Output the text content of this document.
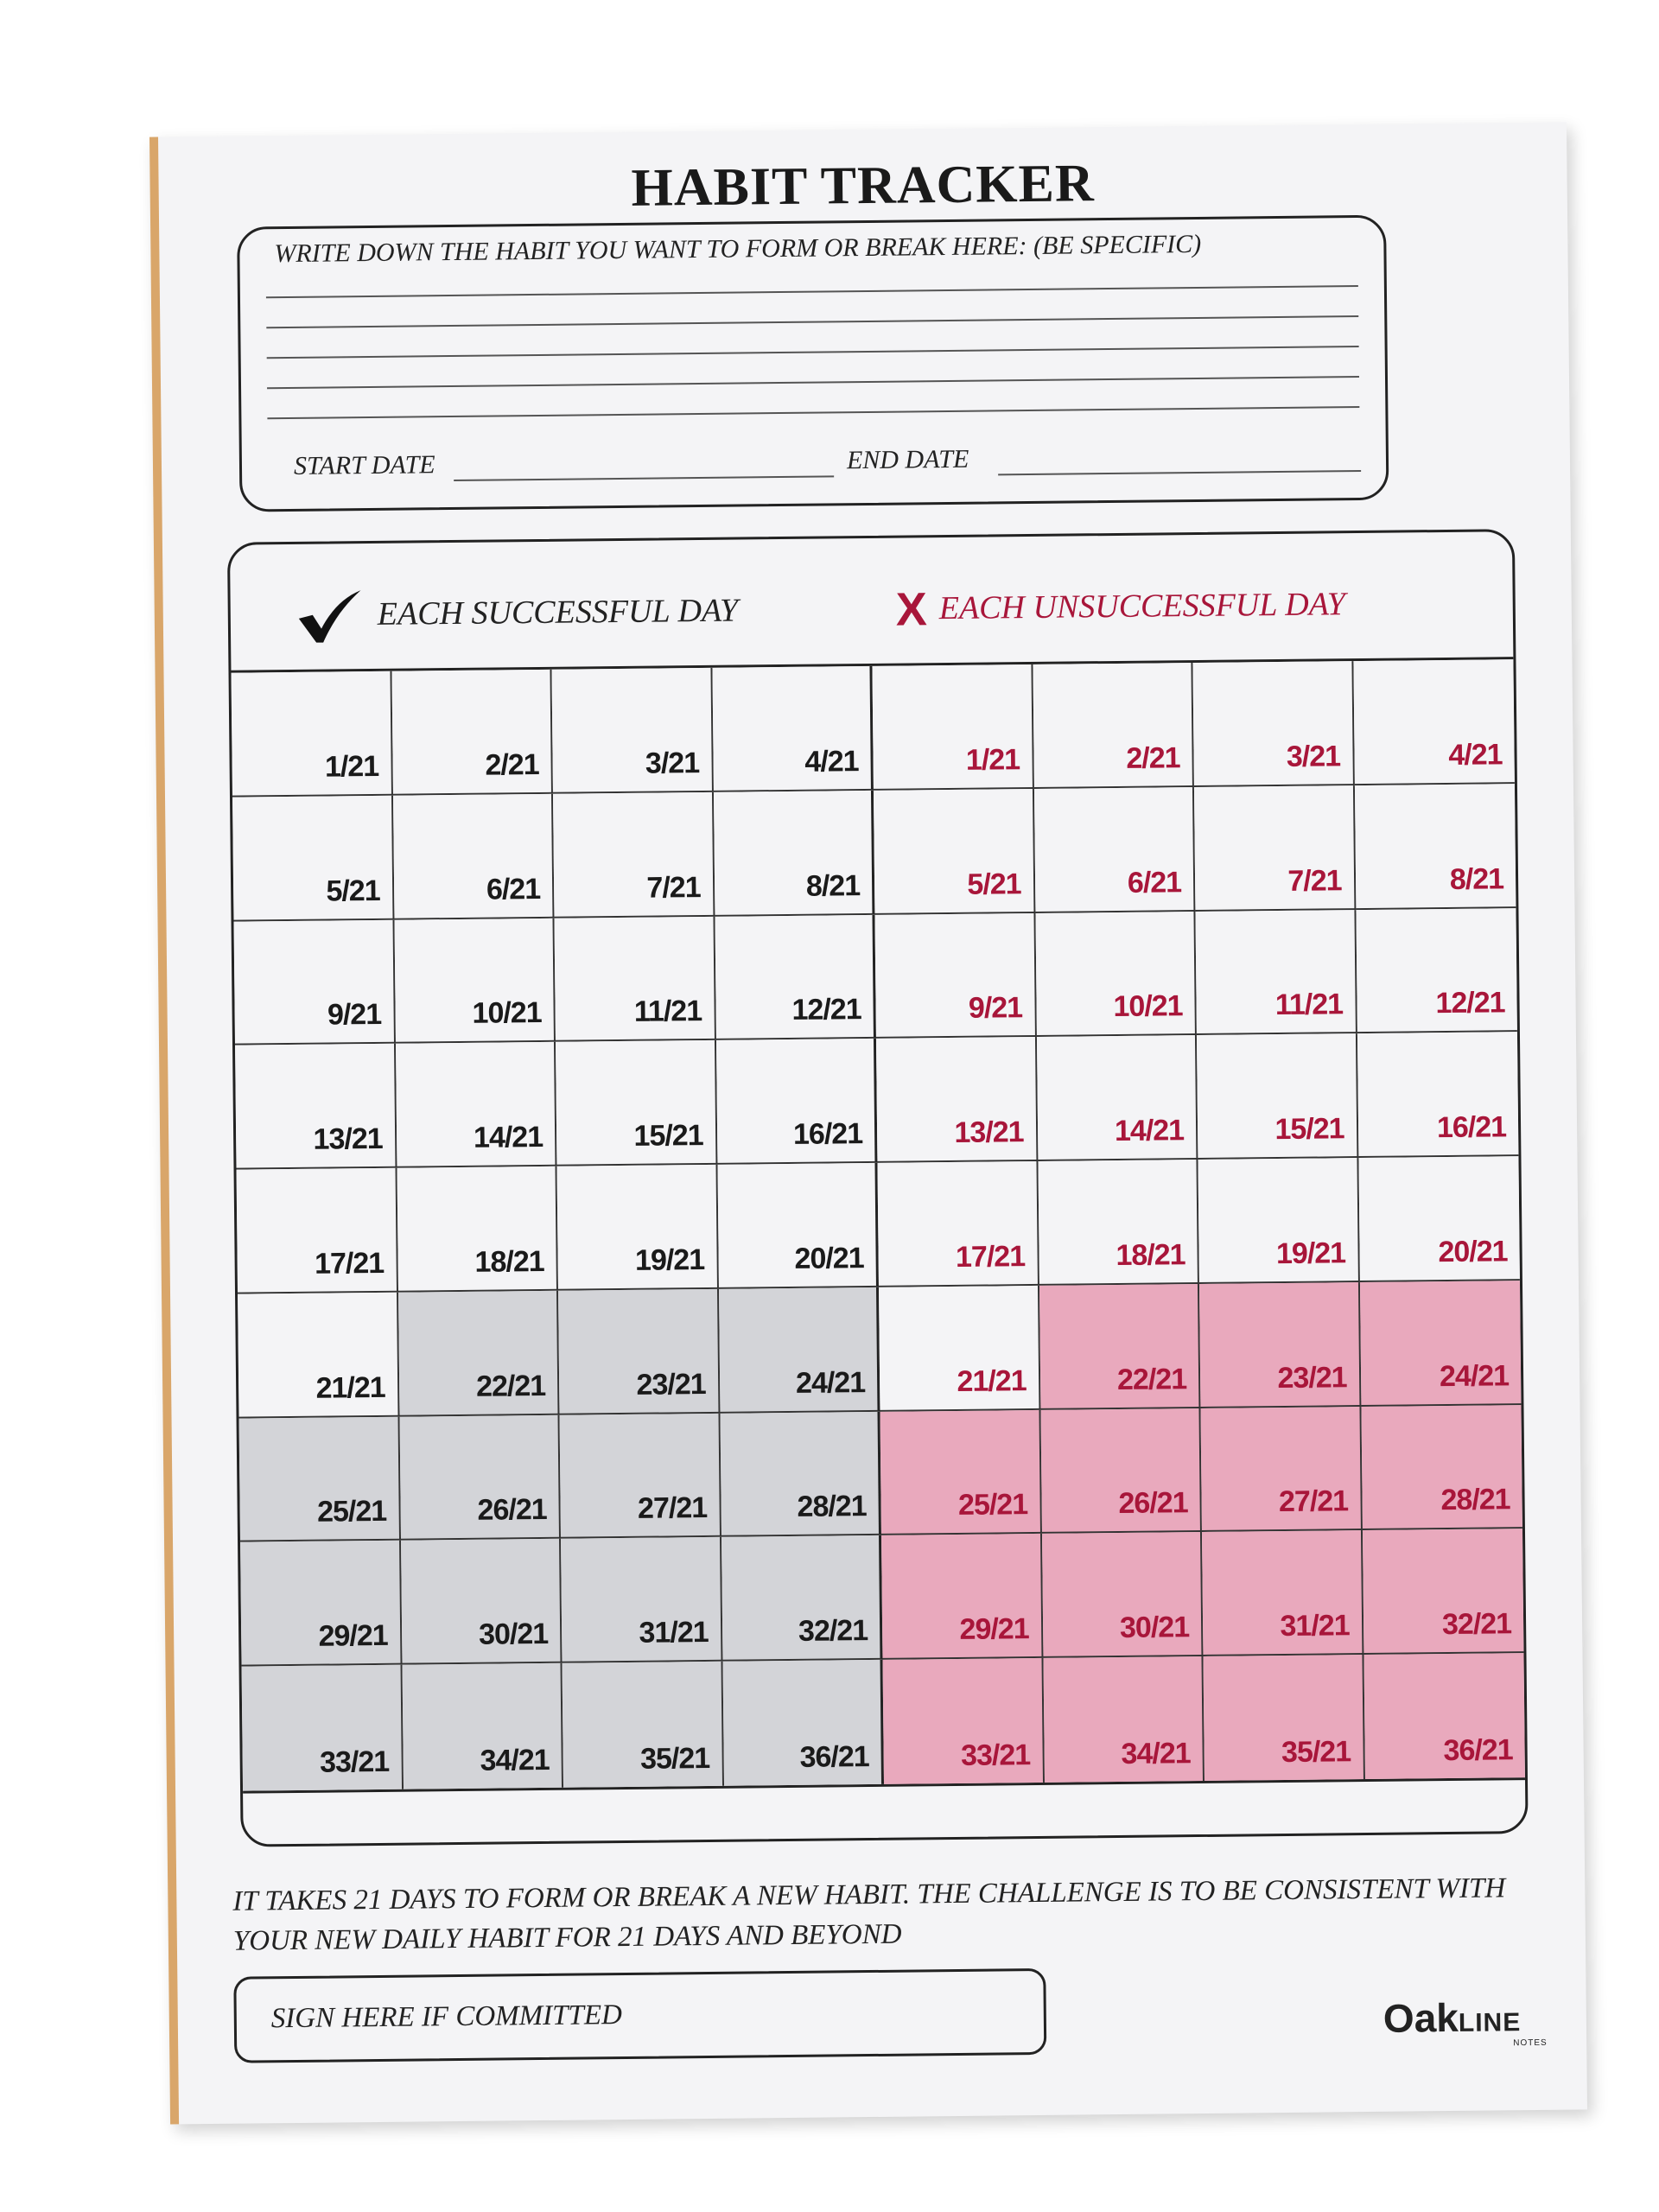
HABIT TRACKER
WRITE DOWN THE HABIT YOU WANT TO FORM OR BREAK HERE: (BE SPECIFIC)
START DATE	END DATE
EACH SUCCESSFUL DAY	X EACH UNSUCCESSFUL DAY
1/21	2/21	3/21	4/21	1/21	2/21	3/21	4/21
5/21	6/21	7/21	8/21	5/21	6/21	7/21	8/21
9/21	10/21	11/21	12/21	9/21	10/21	11/21	12/21
13/21	14/21	15/21	16/21	13/21	14/21	15/21	16/21
17/21	18/21	19/21	20/21	17/21	18/21	19/21	20/21
21/21	22/21	23/21	24/21	21/21	22/21	23/21	24/21
25/21	26/21	27/21	28/21	25/21	26/21	27/21	28/21
29/21	30/21	31/21	32/21	29/21	30/21	31/21	32/21
33/21	34/21	35/21	36/21	33/21	34/21	35/21	36/21
IT TAKES 21 DAYS TO FORM OR BREAK A NEW HABIT. THE CHALLENGE IS TO BE CONSISTENT WITH YOUR NEW DAILY HABIT FOR 21 DAYS AND BEYOND
SIGN HERE IF COMMITTED	OakLINE
NOTES
